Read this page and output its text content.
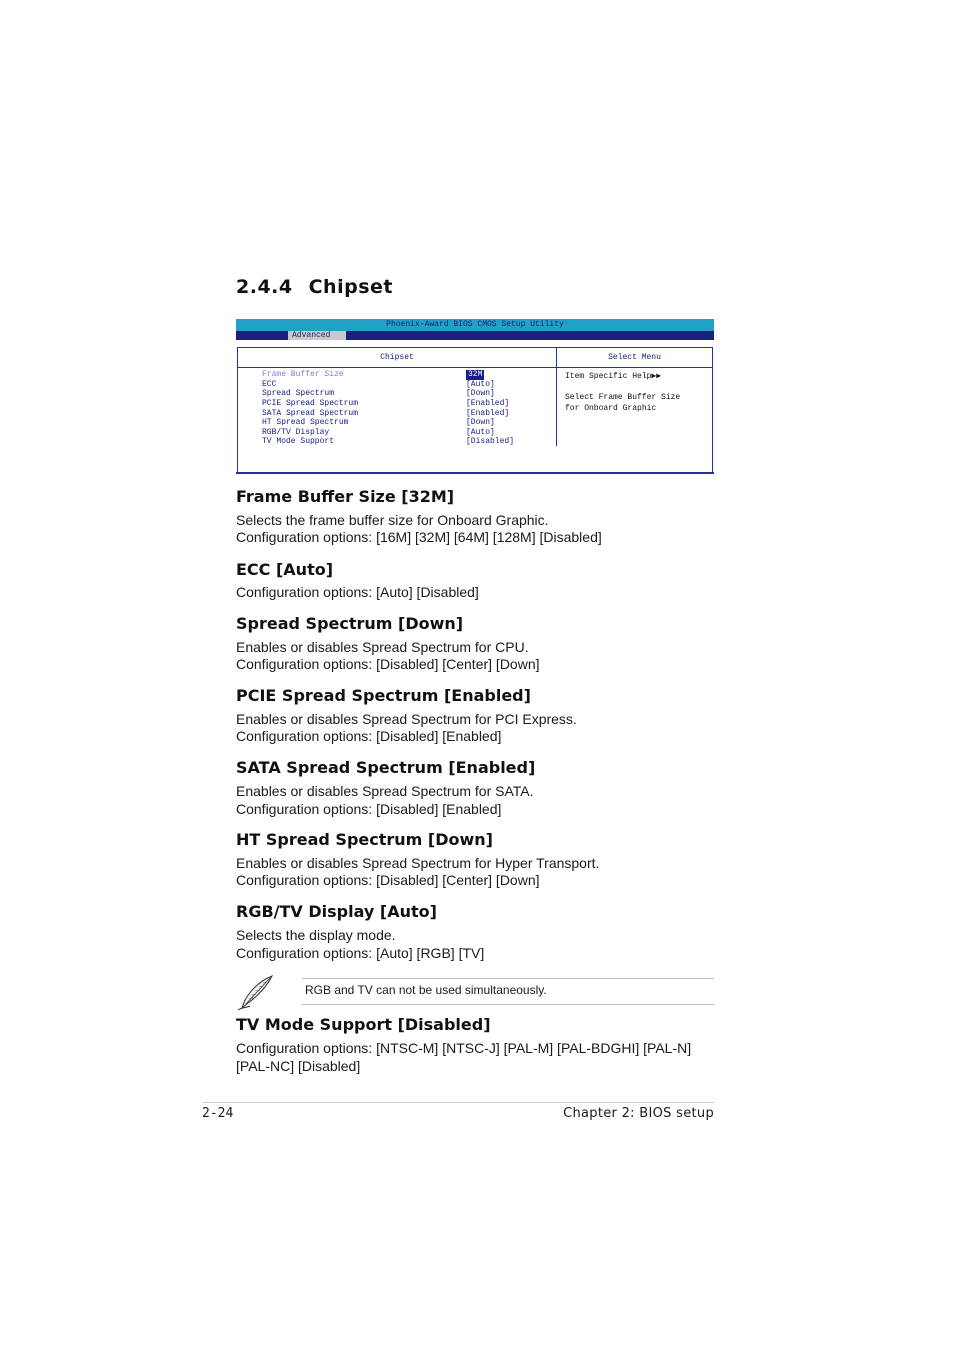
2.4.4 Chipset
Phoenix-Award BIOS CMOS Setup Utility
Advanced
Chipset	Select Menu
Frame Buffer Size	32M
ECC	[Auto]
Spread Spectrum	[Down]
PCIE Spread Spectrum	[Enabled]
SATA Spread Spectrum	[Enabled]
HT Spread Spectrum	[Down]
RGB/TV Display	[Auto]
TV Mode Support	[Disabled]
Item Specific Help▶▶
Select Frame Buffer Size
for Onboard Graphic
Frame Buffer Size [32M]
Selects the frame buffer size for Onboard Graphic.
Configuration options: [16M] [32M] [64M] [128M] [Disabled]
ECC [Auto]
Configuration options: [Auto] [Disabled]
Spread Spectrum [Down]
Enables or disables Spread Spectrum for CPU.
Configuration options: [Disabled] [Center] [Down]
PCIE Spread Spectrum [Enabled]
Enables or disables Spread Spectrum for PCI Express.
Configuration options: [Disabled] [Enabled]
SATA Spread Spectrum [Enabled]
Enables or disables Spread Spectrum for SATA.
Configuration options: [Disabled] [Enabled]
HT Spread Spectrum [Down]
Enables or disables Spread Spectrum for Hyper Transport.
Configuration options: [Disabled] [Center] [Down]
RGB/TV Display [Auto]
Selects the display mode.
Configuration options: [Auto] [RGB] [TV]
RGB and TV can not be used simultaneously.
TV Mode Support [Disabled]
Configuration options: [NTSC-M] [NTSC-J] [PAL-M] [PAL-BDGHI] [PAL-N]
[PAL-NC] [Disabled]
2-24	Chapter 2: BIOS setup
